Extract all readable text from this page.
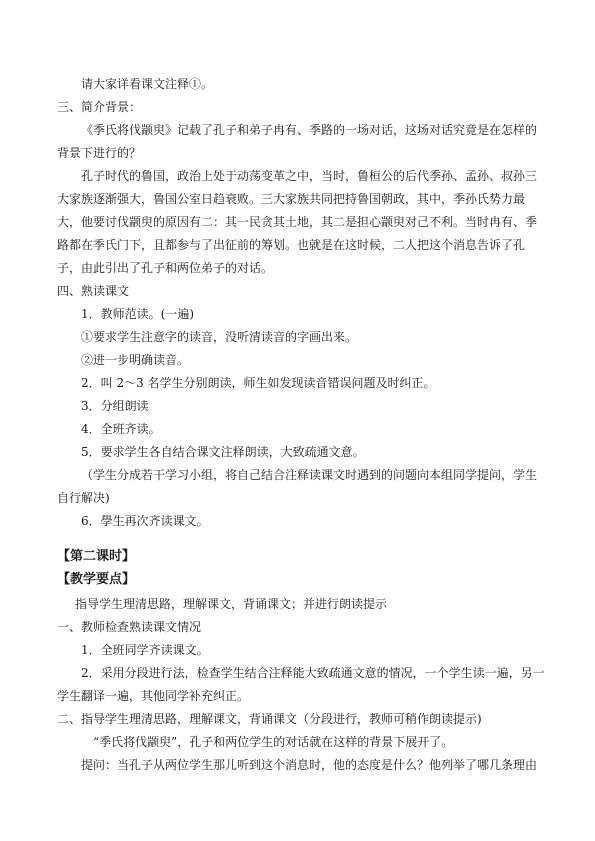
请大家详看课文注释①。
三、简介背景：
《季氏将伐颛臾》记载了孔子和弟子冉有、季路的一场对话，这场对话究竟是在怎样的
背景下进行的？
孔子时代的鲁国，政治上处于动荡变革之中，当时，鲁桓公的后代季孙、孟孙、叔孙三
大家族逐渐强大，鲁国公室日趋衰败。三大家族共同把持鲁国朝政，其中，季孙氏势力最
大，他要讨伐颛臾的原因有二：其一民贪其土地，其二是担心颛臾对己不利。当时冉有、季
路都在季氏门下，且都参与了出征前的筹划。也就是在这时候，二人把这个消息告诉了孔
子，由此引出了孔子和两位弟子的对话。
四、熟读课文
1．教师范读。(一遍)
①要求学生注意字的读音，没听清读音的字画出来。
②进一步明确读音。
2．叫 2～3 名学生分别朗读，师生如发现读音错误问题及时纠正。
3．分组朗读
4．全班齐读。
5．要求学生各自结合课文注释朗读，大致疏通文意。
（学生分成若干学习小组，将自己结合注释读课文时遇到的问题向本组同学提问，学生
自行解决)
6．學生再次齐读课文。
【第二课时】
【教学要点】
指导学生理清思路，理解课文，背诵课文；并进行朗读提示
一、教师检查熟读课文情况
1．全班同学齐读课文。
2．采用分段进行法，检查学生结合注释能大致疏通文意的情况，一个学生读一遍，另一
学生翻译一遍，其他同学补充纠正。
二、指导学生理清思路，理解课文，背诵课文（分段进行，教师可稍作朗读提示)
“季氏将伐颛臾”，孔子和两位学生的对话就在这样的背景下展开了。
提问：当孔子从两位学生那儿听到这个消息时，他的态度是什么？他列举了哪几条理由
